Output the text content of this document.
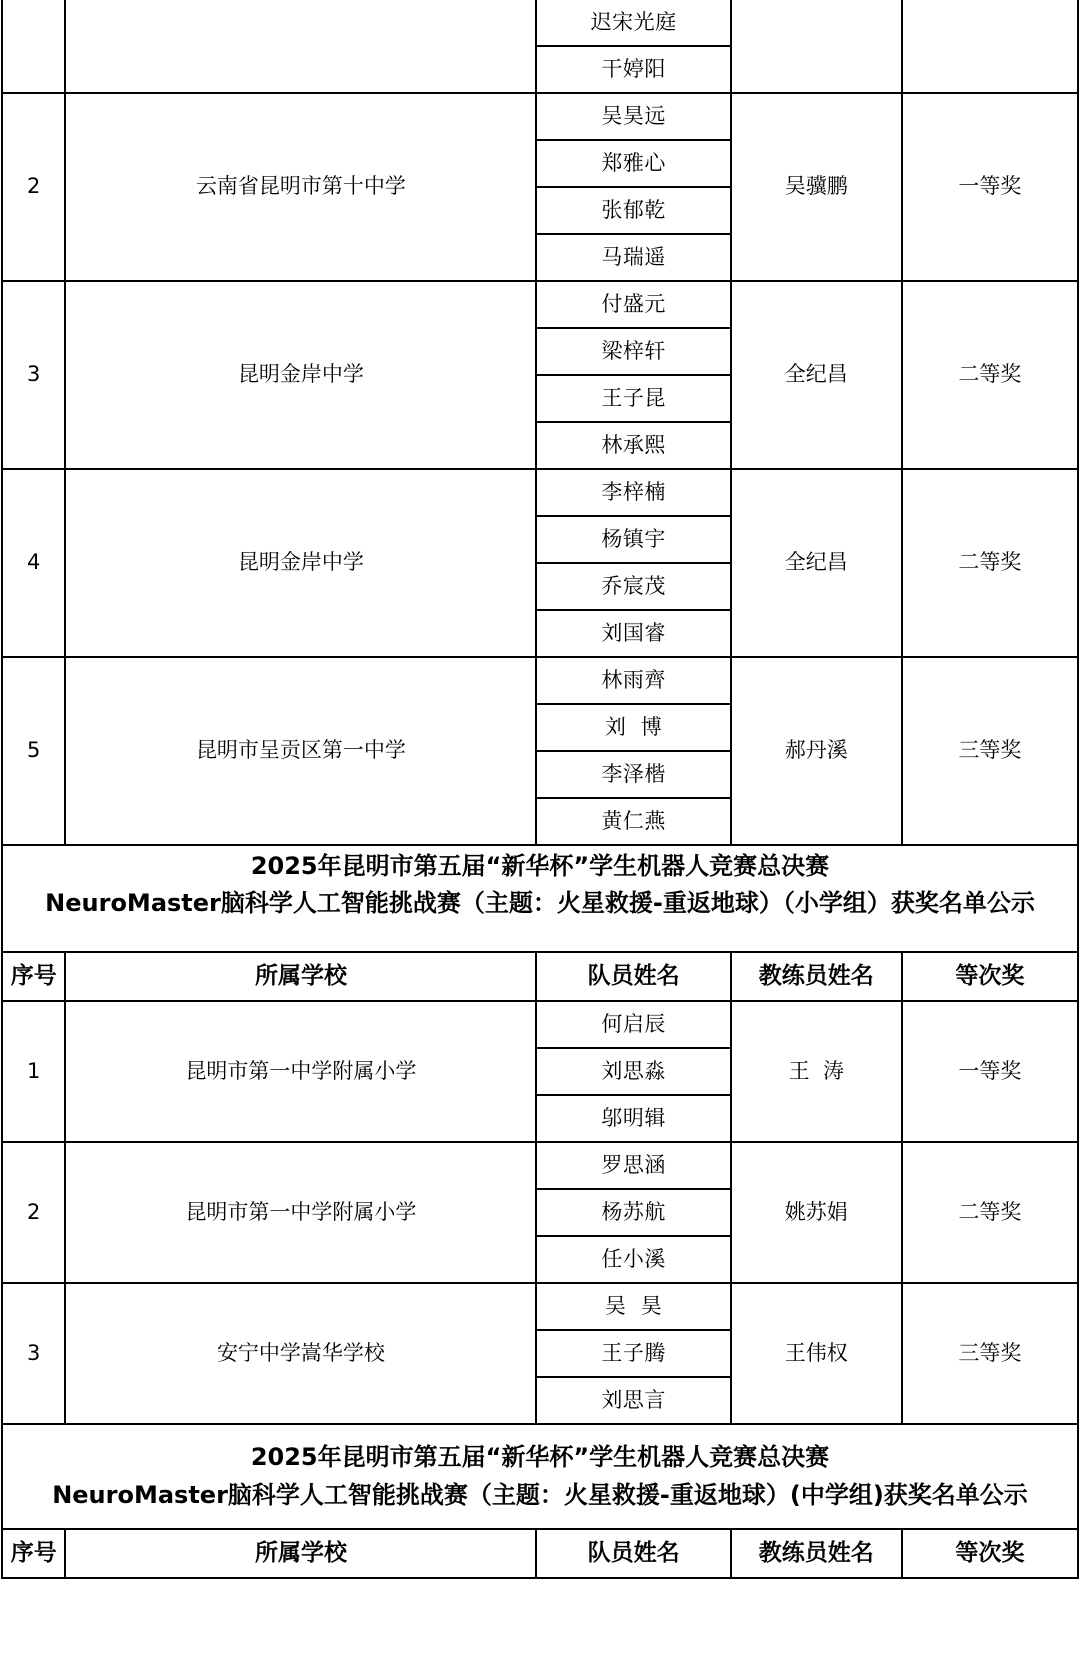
		迟宋光庭		
		干婷阳		
2	云南省昆明市第十中学	吴昊远	吴骥鹏	一等奖
		郑雅心		
		张郁乾		
		马瑞遥		
3	昆明金岸中学	付盛元	全纪昌	二等奖
		梁梓轩		
		王子昆		
		林承熙		
4	昆明金岸中学	李梓楠	全纪昌	二等奖
		杨镇宇		
		乔宸茂		
		刘国睿		
5	昆明市呈贡区第一中学	林雨齊	郝丹溪	三等奖
		刘  博		
		李泽楷		
		黄仁燕		

2025年昆明市第五届“新华杯”学生机器人竞赛总决赛
NeuroMaster脑科学人工智能挑战赛（主题：火星救援-重返地球）（小学组）获奖名单公示				

序号	所属学校	队员姓名	教练员姓名	等次奖
1	昆明市第一中学附属小学	何启辰	王  涛	一等奖
		刘思淼		
		邬明辑		
2	昆明市第一中学附属小学	罗思涵	姚苏娟	二等奖
		杨苏航		
		任小溪		
3	安宁中学嵩华学校	吴  昊	王伟权	三等奖
		王子腾		
		刘思言		

2025年昆明市第五届“新华杯”学生机器人竞赛总决赛
NeuroMaster脑科学人工智能挑战赛（主题：火星救援-重返地球）(中学组)获奖名单公示				

序号	所属学校	队员姓名	教练员姓名	等次奖
